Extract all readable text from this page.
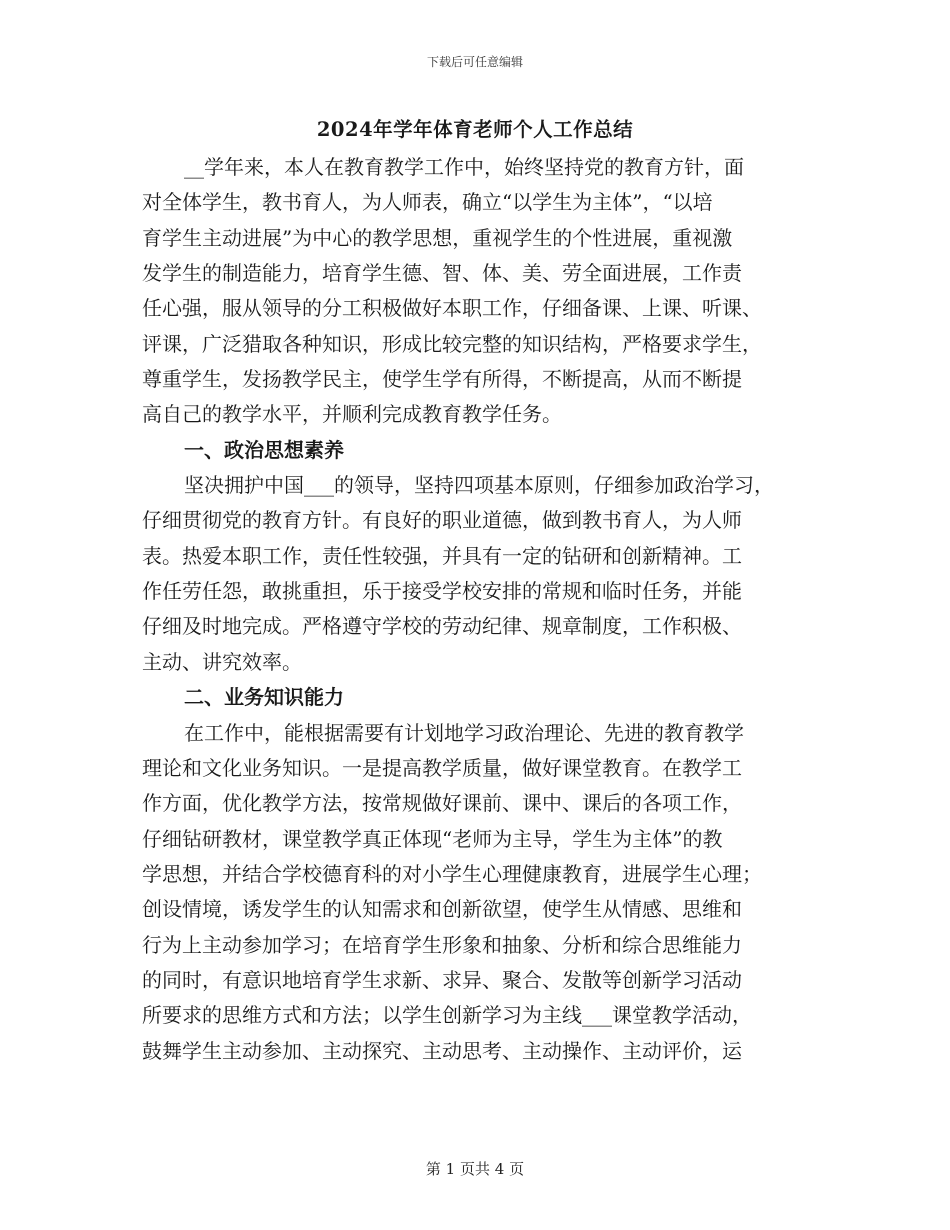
下载后可任意编辑
2024年学年体育老师个人工作总结
__学年来，本人在教育教学工作中，始终坚持党的教育方针，面
对全体学生，教书育人，为人师表，确立“以学生为主体”，“以培
育学生主动进展”为中心的教学思想，重视学生的个性进展，重视激
发学生的制造能力，培育学生德、智、体、美、劳全面进展，工作责
任心强，服从领导的分工积极做好本职工作，仔细备课、上课、听课、
评课，广泛猎取各种知识，形成比较完整的知识结构，严格要求学生，
尊重学生，发扬教学民主，使学生学有所得，不断提高，从而不断提
高自己的教学水平，并顺利完成教育教学任务。
一、政治思想素养
坚决拥护中国___的领导，坚持四项基本原则，仔细参加政治学习，
仔细贯彻党的教育方针。有良好的职业道德，做到教书育人，为人师
表。热爱本职工作，责任性较强，并具有一定的钻研和创新精神。工
作任劳任怨，敢挑重担，乐于接受学校安排的常规和临时任务，并能
仔细及时地完成。严格遵守学校的劳动纪律、规章制度，工作积极、
主动、讲究效率。
二、业务知识能力
在工作中，能根据需要有计划地学习政治理论、先进的教育教学
理论和文化业务知识。一是提高教学质量，做好课堂教育。在教学工
作方面，优化教学方法，按常规做好课前、课中、课后的各项工作，
仔细钻研教材，课堂教学真正体现“老师为主导，学生为主体”的教
学思想，并结合学校德育科的对小学生心理健康教育，进展学生心理；
创设情境，诱发学生的认知需求和创新欲望，使学生从情感、思维和
行为上主动参加学习；在培育学生形象和抽象、分析和综合思维能力
的同时，有意识地培育学生求新、求异、聚合、发散等创新学习活动
所要求的思维方式和方法；以学生创新学习为主线___课堂教学活动，
鼓舞学生主动参加、主动探究、主动思考、主动操作、主动评价，运
第 1 页共 4 页
